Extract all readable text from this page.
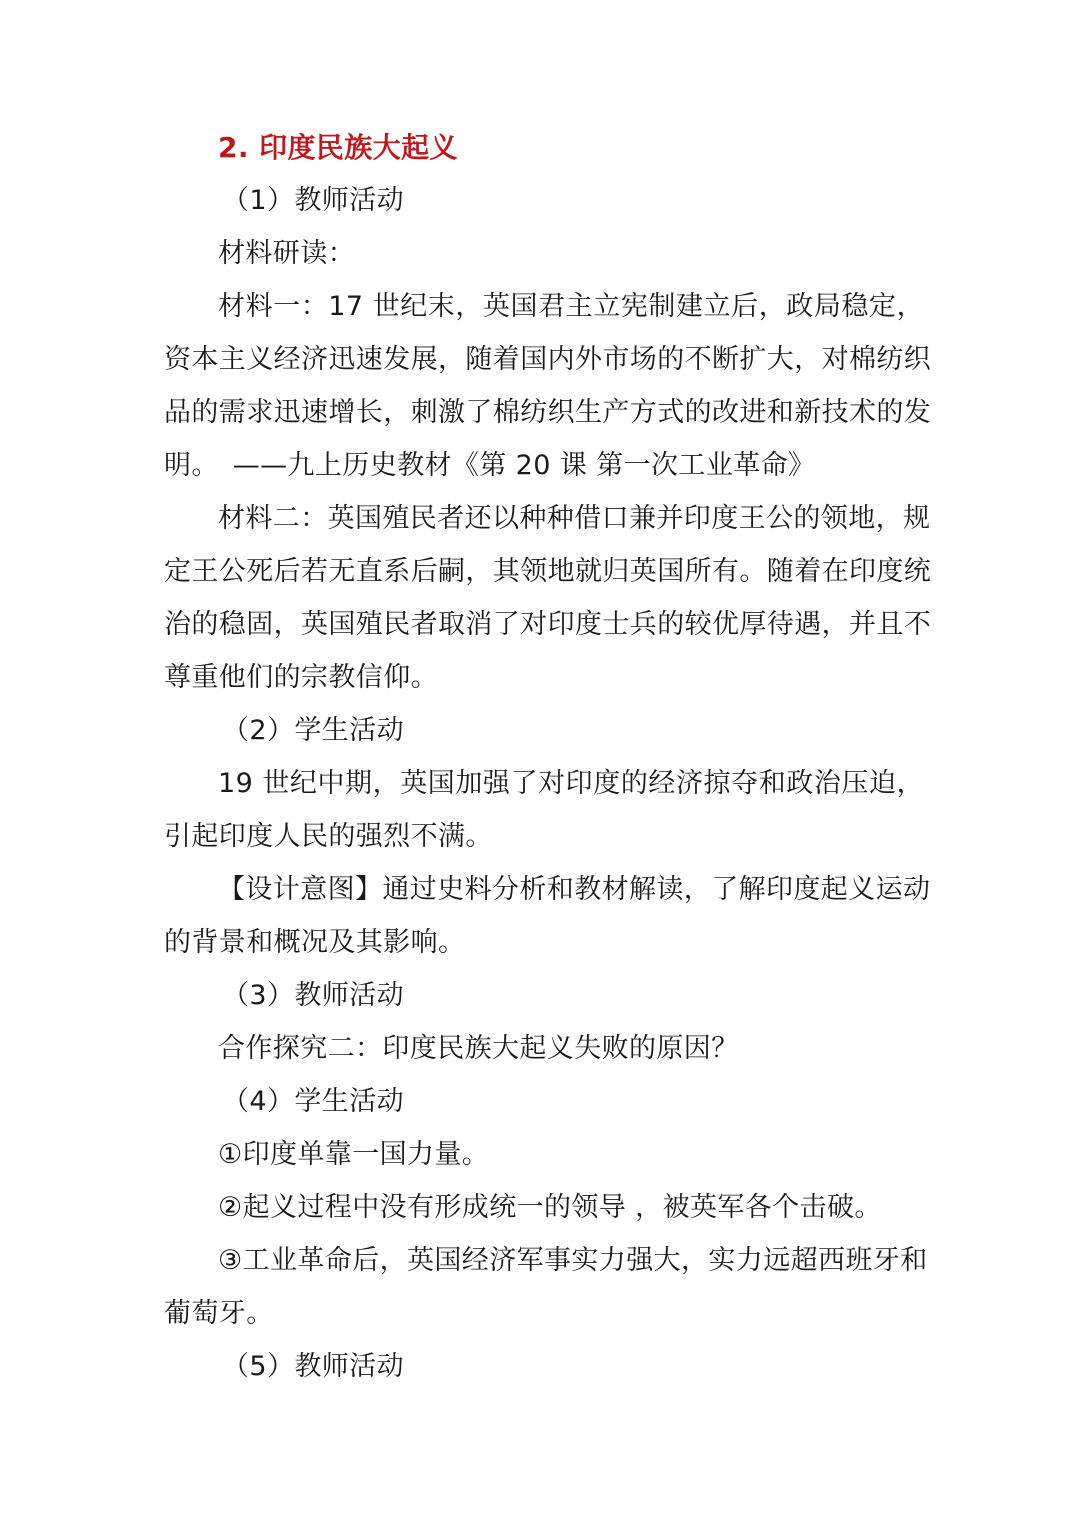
2. 印度民族大起义
（1）教师活动
材料研读：
材料一：17 世纪末，英国君主立宪制建立后，政局稳定，
资本主义经济迅速发展，随着国内外市场的不断扩大，对棉纺织
品的需求迅速增长，刺激了棉纺织生产方式的改进和新技术的发
明。　——九上历史教材《第 20 课 第一次工业革命》
材料二：英国殖民者还以种种借口兼并印度王公的领地，规
定王公死后若无直系后嗣，其领地就归英国所有。随着在印度统
治的稳固，英国殖民者取消了对印度士兵的较优厚待遇，并且不
尊重他们的宗教信仰。
（2）学生活动
19 世纪中期，英国加强了对印度的经济掠夺和政治压迫，
引起印度人民的强烈不满。
【设计意图】通过史料分析和教材解读，了解印度起义运动
的背景和概况及其影响。
（3）教师活动
合作探究二：印度民族大起义失败的原因？
（4）学生活动
①印度单靠一国力量。
②起义过程中没有形成统一的领导 ，被英军各个击破。
③工业革命后，英国经济军事实力强大，实力远超西班牙和
葡萄牙。
（5）教师活动
